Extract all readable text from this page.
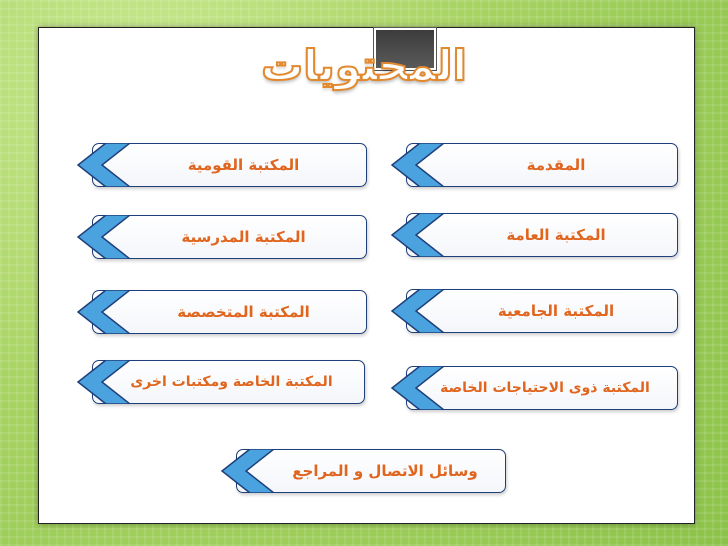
المحتويات
المكتبة القومية	المقدمة
المكتبة المدرسية	المكتبة العامة
المكتبة المتخصصة	المكتبة الجامعية
المكتبة الخاصة ومكتبات اخرى	المكتبة ذوى الاحتياجات الخاصة
وسائل الاتصال و المراجع
